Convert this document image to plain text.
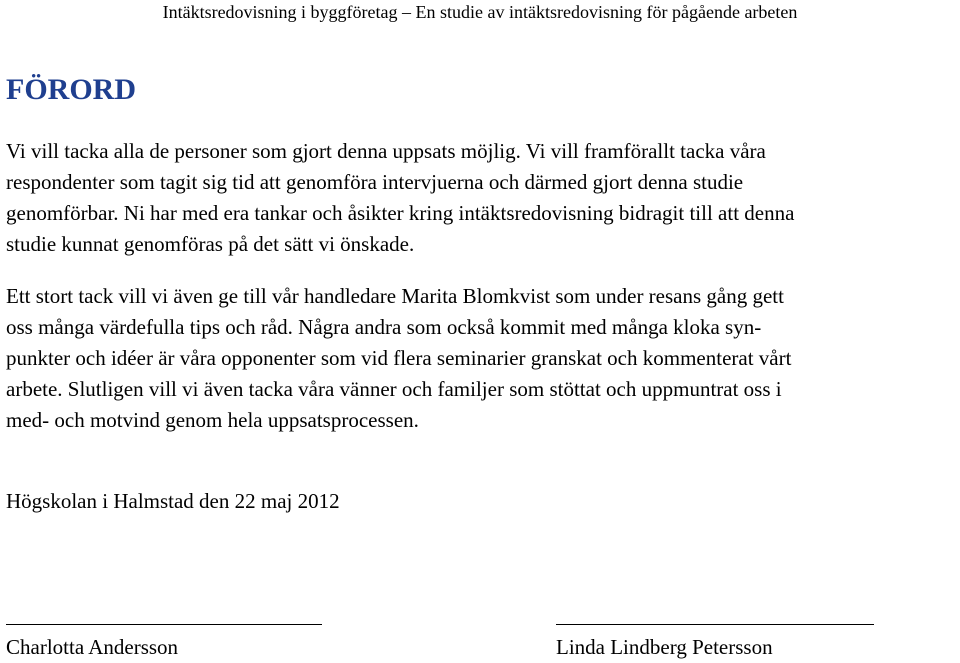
Intäktsredovisning i byggföretag – En studie av intäktsredovisning för pågående arbeten
FÖRORD
Vi vill tacka alla de personer som gjort denna uppsats möjlig. Vi vill framförallt tacka våra
respondenter som tagit sig tid att genomföra intervjuerna och därmed gjort denna studie
genomförbar. Ni har med era tankar och åsikter kring intäktsredovisning bidragit till att denna
studie kunnat genomföras på det sätt vi önskade.
Ett stort tack vill vi även ge till vår handledare Marita Blomkvist som under resans gång gett
oss många värdefulla tips och råd. Några andra som också kommit med många kloka syn-
punkter och idéer är våra opponenter som vid flera seminarier granskat och kommenterat vårt
arbete. Slutligen vill vi även tacka våra vänner och familjer som stöttat och uppmuntrat oss i
med- och motvind genom hela uppsatsprocessen.
Högskolan i Halmstad den 22 maj 2012
Charlotta Andersson	Linda Lindberg Petersson
